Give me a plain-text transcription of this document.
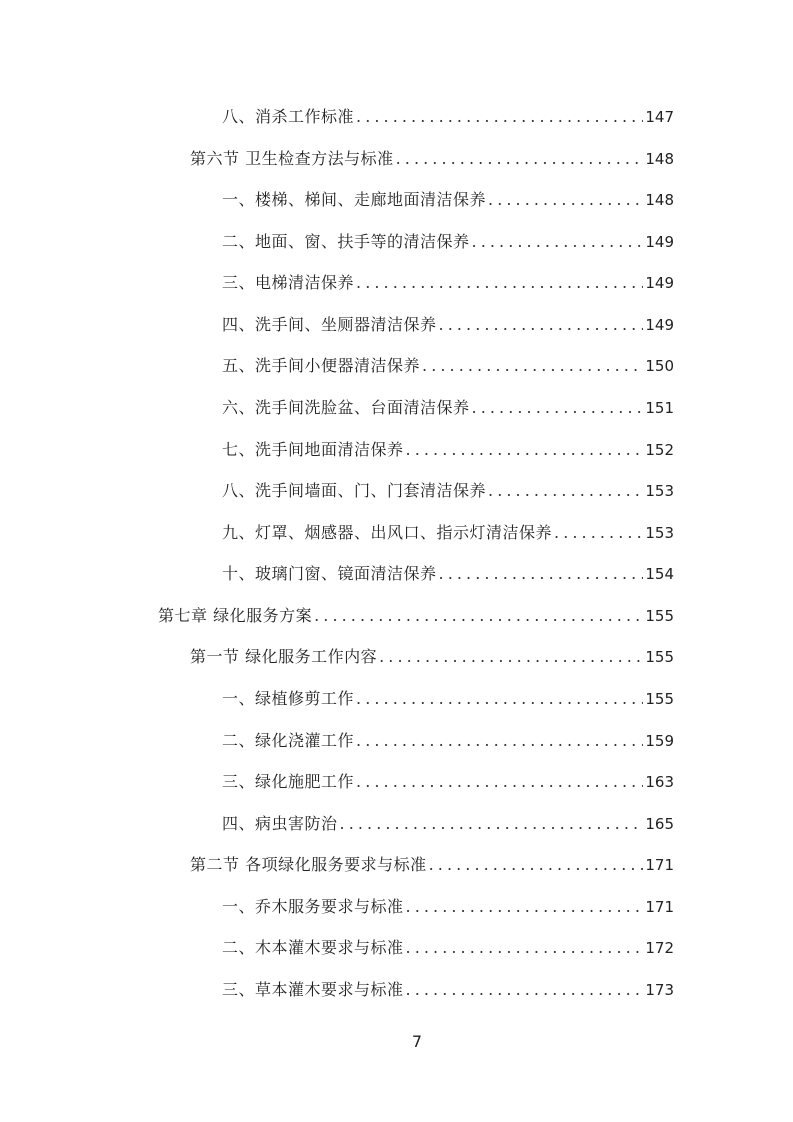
八、消杀工作标准 . . .	147
第六节 卫生检查方法与标准 . . .	148
一、楼梯、梯间、走廊地面清洁保养 . . .	148
二、地面、窗、扶手等的清洁保养 . . .	149
三、电梯清洁保养 . . .	149
四、洗手间、坐厕器清洁保养 . . .	149
五、洗手间小便器清洁保养 . . .	150
六、洗手间洗脸盆、台面清洁保养 . . .	151
七、洗手间地面清洁保养 . . .	152
八、洗手间墙面、门、门套清洁保养 . . .	153
九、灯罩、烟感器、出风口、指示灯清洁保养 . . .	153
十、玻璃门窗、镜面清洁保养 . . .	154
第七章 绿化服务方案 . . .	155
第一节 绿化服务工作内容 . . .	155
一、绿植修剪工作 . . .	155
二、绿化浇灌工作 . . .	159
三、绿化施肥工作 . . .	163
四、病虫害防治 . . .	165
第二节 各项绿化服务要求与标准 . . .	171
一、乔木服务要求与标准 . . .	171
二、木本灌木要求与标准 . . .	172
三、草本灌木要求与标准 . . .	173
7
